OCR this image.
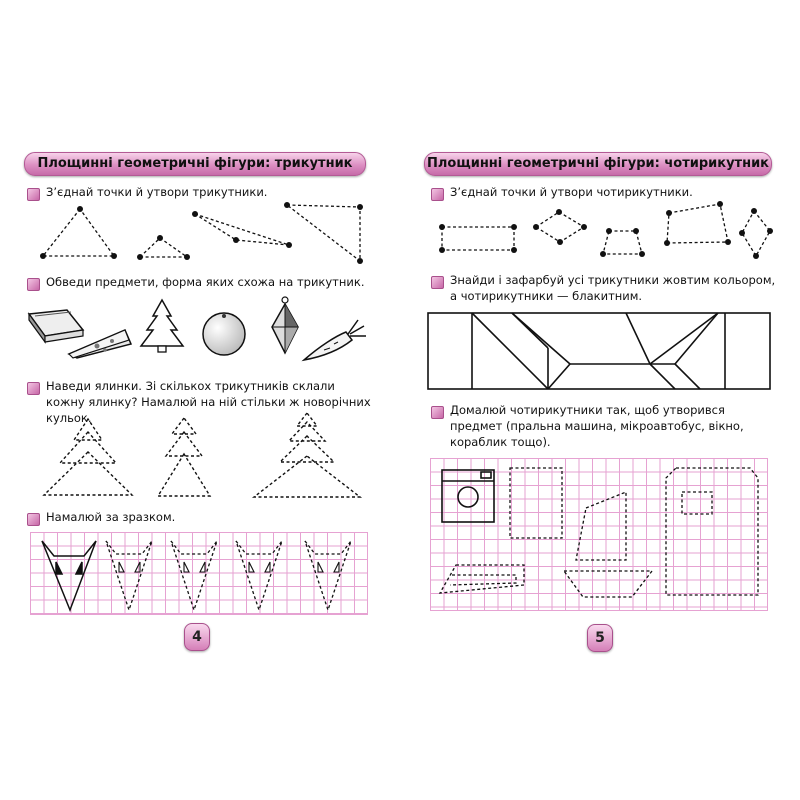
Площинні геометричні фігури: трикутник
З’єднай точки й утвори трикутники.
Обведи предмети, форма яких схожа на трикутник.
Наведи ялинки. Зі скількох трикутників склали кожну ялинку? Намалюй на ній стільки ж новорічних кульок.
Намалюй за зразком.
4
Площинні геометричні фігури: чотирикутник
З’єднай точки й утвори чотирикутники.
Знайди і зафарбуй усі трикутники жовтим кольором, а чотирикутники — блакитним.
Домалюй чотирикутники так, щоб утворився предмет (пральна машина, мікроавтобус, вікно, кораблик тощо).
5
